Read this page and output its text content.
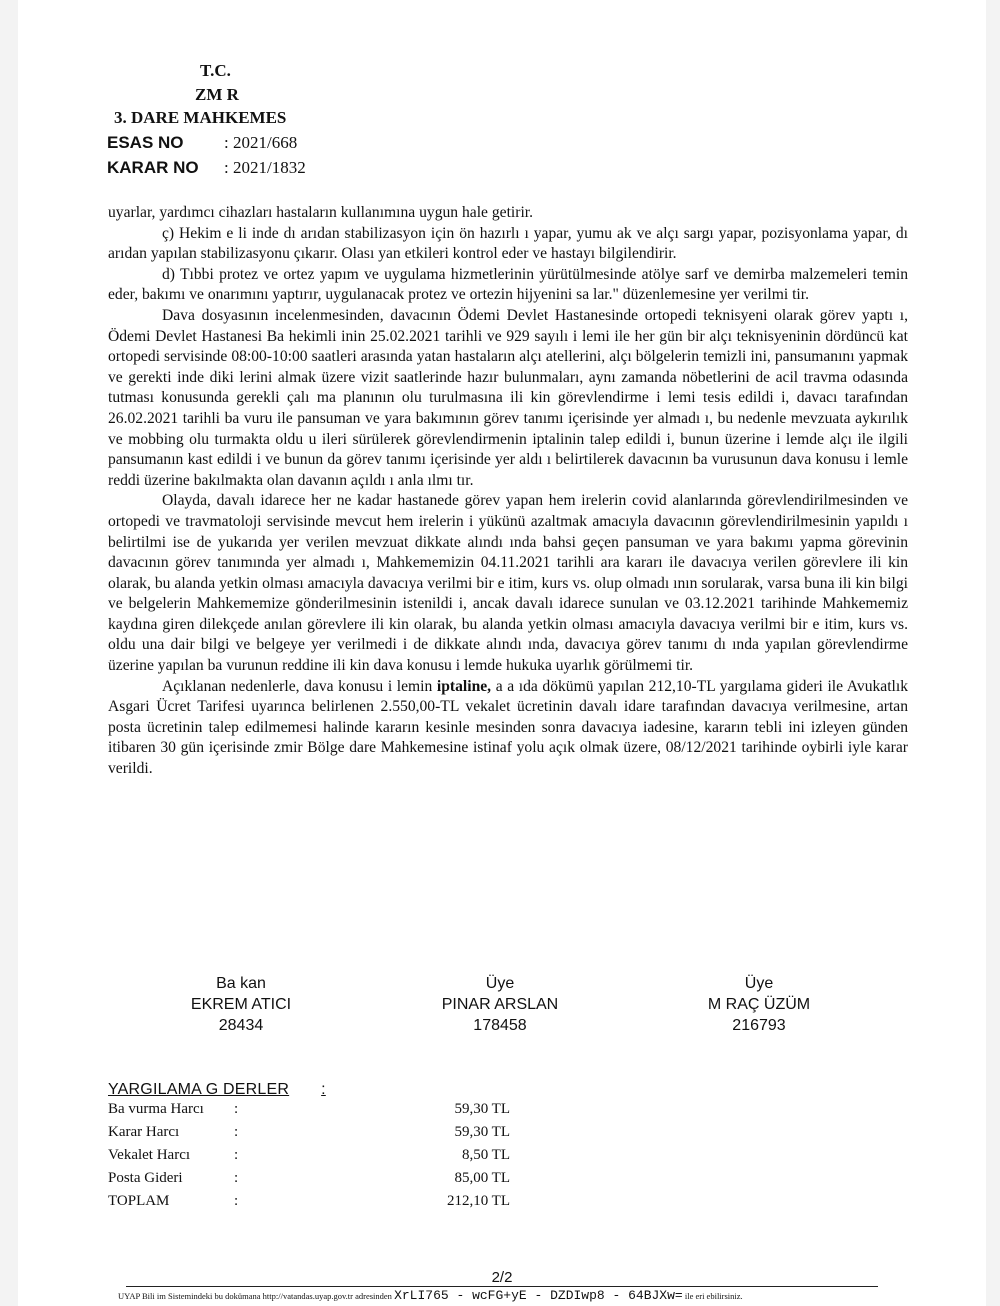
T.C.
ZM R
3. DARE MAHKEMES
ESAS NO : 2021/668
KARAR NO : 2021/1832

uyarlar, yardımcı cihazları hastaların kullanımına uygun hale getirir.

ç) Hekim e li inde dı arıdan stabilizasyon için ön hazırlı ı yapar, yumu ak ve alçı sargı yapar, pozisyonlama yapar, dı arıdan yapılan stabilizasyonu çıkarır. Olası yan etkileri kontrol eder ve hastayı bilgilendirir.

d) Tıbbi protez ve ortez yapım ve uygulama hizmetlerinin yürütülmesinde atölye sarf ve demirba malzemeleri temin eder, bakımı ve onarımını yaptırır, uygulanacak protez ve ortezin hijyenini sa lar." düzenlemesine yer verilmi tir.

Dava dosyasının incelenmesinden, davacının Ödemi Devlet Hastanesinde ortopedi teknisyeni olarak görev yaptı ı, Ödemi Devlet Hastanesi Ba hekimli inin 25.02.2021 tarihli ve 929 sayılı i lemi ile her gün bir alçı teknisyeninin dördüncü kat ortopedi servisinde 08:00-10:00 saatleri arasında yatan hastaların alçı atellerini, alçı bölgelerin temizli ini, pansumanını yapmak ve gerekti inde diki lerini almak üzere vizit saatlerinde hazır bulunmaları, aynı zamanda nöbetlerini de acil travma odasında tutması konusunda gerekli çalı ma planının olu turulmasına ili kin görevlendirme i lemi tesis edildi i, davacı tarafından 26.02.2021 tarihli ba vuru ile pansuman ve yara bakımının görev tanımı içerisinde yer almadı ı, bu nedenle mevzuata aykırılık ve mobbing olu turmakta oldu u ileri sürülerek görevlendirmenin iptalinin talep edildi i, bunun üzerine i lemde alçı ile ilgili pansumanın kast edildi i ve bunun da görev tanımı içerisinde yer aldı ı belirtilerek davacının ba vurusunun dava konusu i lemle reddi üzerine bakılmakta olan davanın açıldı ı anla ılmı tır.

Olayda, davalı idarece her ne kadar hastanede görev yapan hem irelerin covid alanlarında görevlendirilmesinden ve ortopedi ve travmatoloji servisinde mevcut hem irelerin i yükünü azaltmak amacıyla davacının görevlendirilmesinin yapıldı ı belirtilmi ise de yukarıda yer verilen mevzuat dikkate alındı ında bahsi geçen pansuman ve yara bakımı yapma görevinin davacının görev tanımında yer almadı ı, Mahkememizin 04.11.2021 tarihli ara kararı ile davacıya verilen görevlere ili kin olarak, bu alanda yetkin olması amacıyla davacıya verilmi bir e itim, kurs vs. olup olmadı ının sorularak, varsa buna ili kin bilgi ve belgelerin Mahkememize gönderilmesinin istenildi i, ancak davalı idarece sunulan ve 03.12.2021 tarihinde Mahkememiz kaydına giren dilekçede anılan görevlere ili kin olarak, bu alanda yetkin olması amacıyla davacıya verilmi bir e itim, kurs vs. oldu una dair bilgi ve belgeye yer verilmedi i de dikkate alındı ında, davacıya görev tanımı dı ında yapılan görevlendirme üzerine yapılan ba vurunun reddine ili kin dava konusu i lemde hukuka uyarlık görülmemi tir.

Açıklanan nedenlerle, dava konusu i lemin iptaline, a a ıda dökümü yapılan 212,10-TL yargılama gideri ile Avukatlık Asgari Ücret Tarifesi uyarınca belirlenen 2.550,00-TL vekalet ücretinin davalı idare tarafından davacıya verilmesine, artan posta ücretinin talep edilmemesi halinde kararın kesinle mesinden sonra davacıya iadesine, kararın tebli ini izleyen günden itibaren 30 gün içerisinde zmir Bölge dare Mahkemesine istinaf yolu açık olmak üzere, 08/12/2021 tarihinde oybirli iyle karar verildi.

Ba kan	Üye	Üye
EKREM ATICI	PINAR ARSLAN	M RAÇ ÜZÜM
28434	178458	216793
YARGILAMA G DERLER :
Ba vurma Harcı :	59,30 TL
Karar Harcı	:	59,30 TL
Vekalet Harcı	:	8,50 TL
Posta Gideri	:	85,00 TL
TOPLAM	:	212,10 TL
2/2
UYAP Bili im Sistemindeki bu dokümana http://vatandas.uyap.gov.tr adresinden XrLI765 - wcFG+yE - DZDIwp8 - 64BJXw= ile eri ebilirsiniz.
